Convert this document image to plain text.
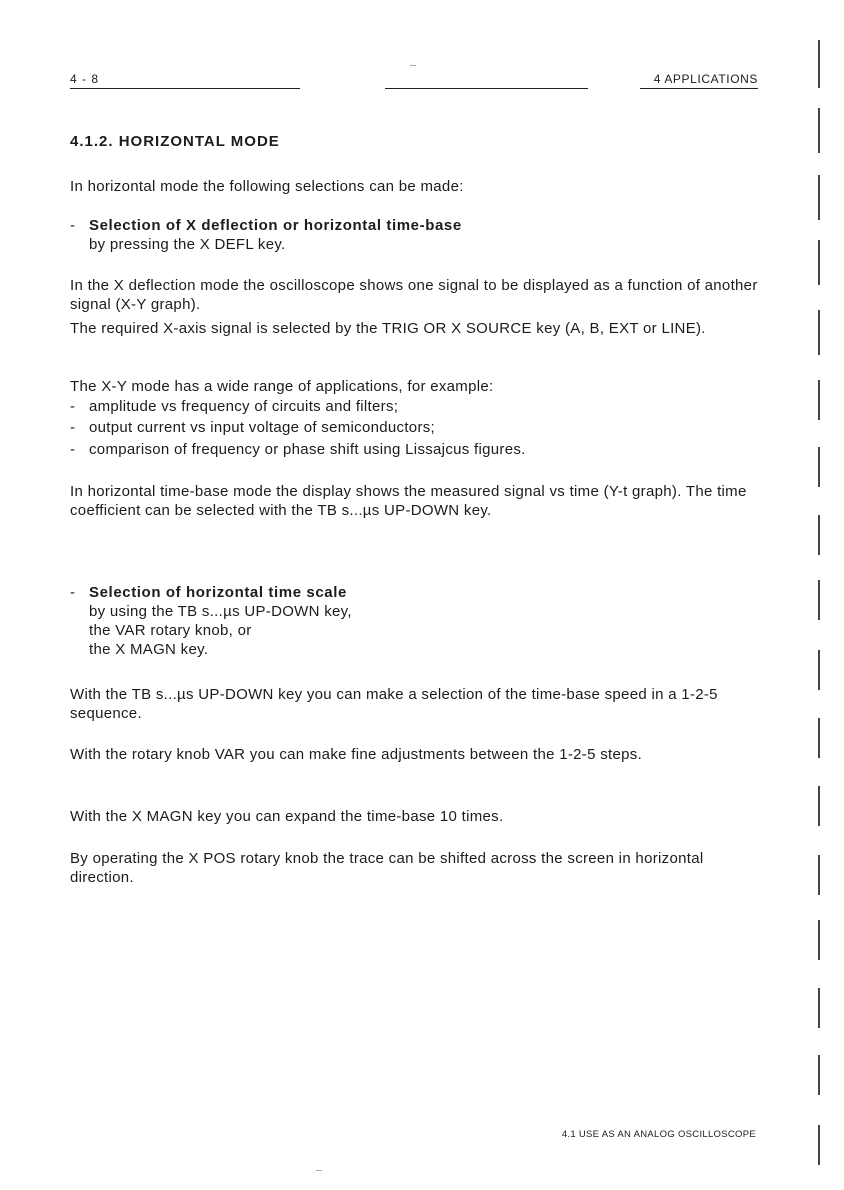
4 - 8	4 APPLICATIONS
4.1.2. HORIZONTAL MODE
In horizontal mode the following selections can be made:
- Selection of X deflection or horizontal time-base
by pressing the X DEFL key.
In the X deflection mode the oscilloscope shows one signal to be displayed as a function of another signal (X-Y graph).
The required X-axis signal is selected by the TRIG OR X SOURCE key (A, B, EXT or LINE).
The X-Y mode has a wide range of applications, for example:
- amplitude vs frequency of circuits and filters;
- output current vs input voltage of semiconductors;
- comparison of frequency or phase shift using Lissajcus figures.
In horizontal time-base mode the display shows the measured signal vs time (Y-t graph). The time coefficient can be selected with the TB s...µs UP-DOWN key.
- Selection of horizontal time scale
by using the TB s...µs UP-DOWN key,
the VAR rotary knob, or
the X MAGN key.
With the TB s...µs UP-DOWN key you can make a selection of the time-base speed in a 1-2-5 sequence.
With the rotary knob VAR you can make fine adjustments between the 1-2-5 steps.
With the X MAGN key you can expand the time-base 10 times.
By operating the X POS rotary knob the trace can be shifted across the screen in horizontal direction.
4.1 USE AS AN ANALOG OSCILLOSCOPE
